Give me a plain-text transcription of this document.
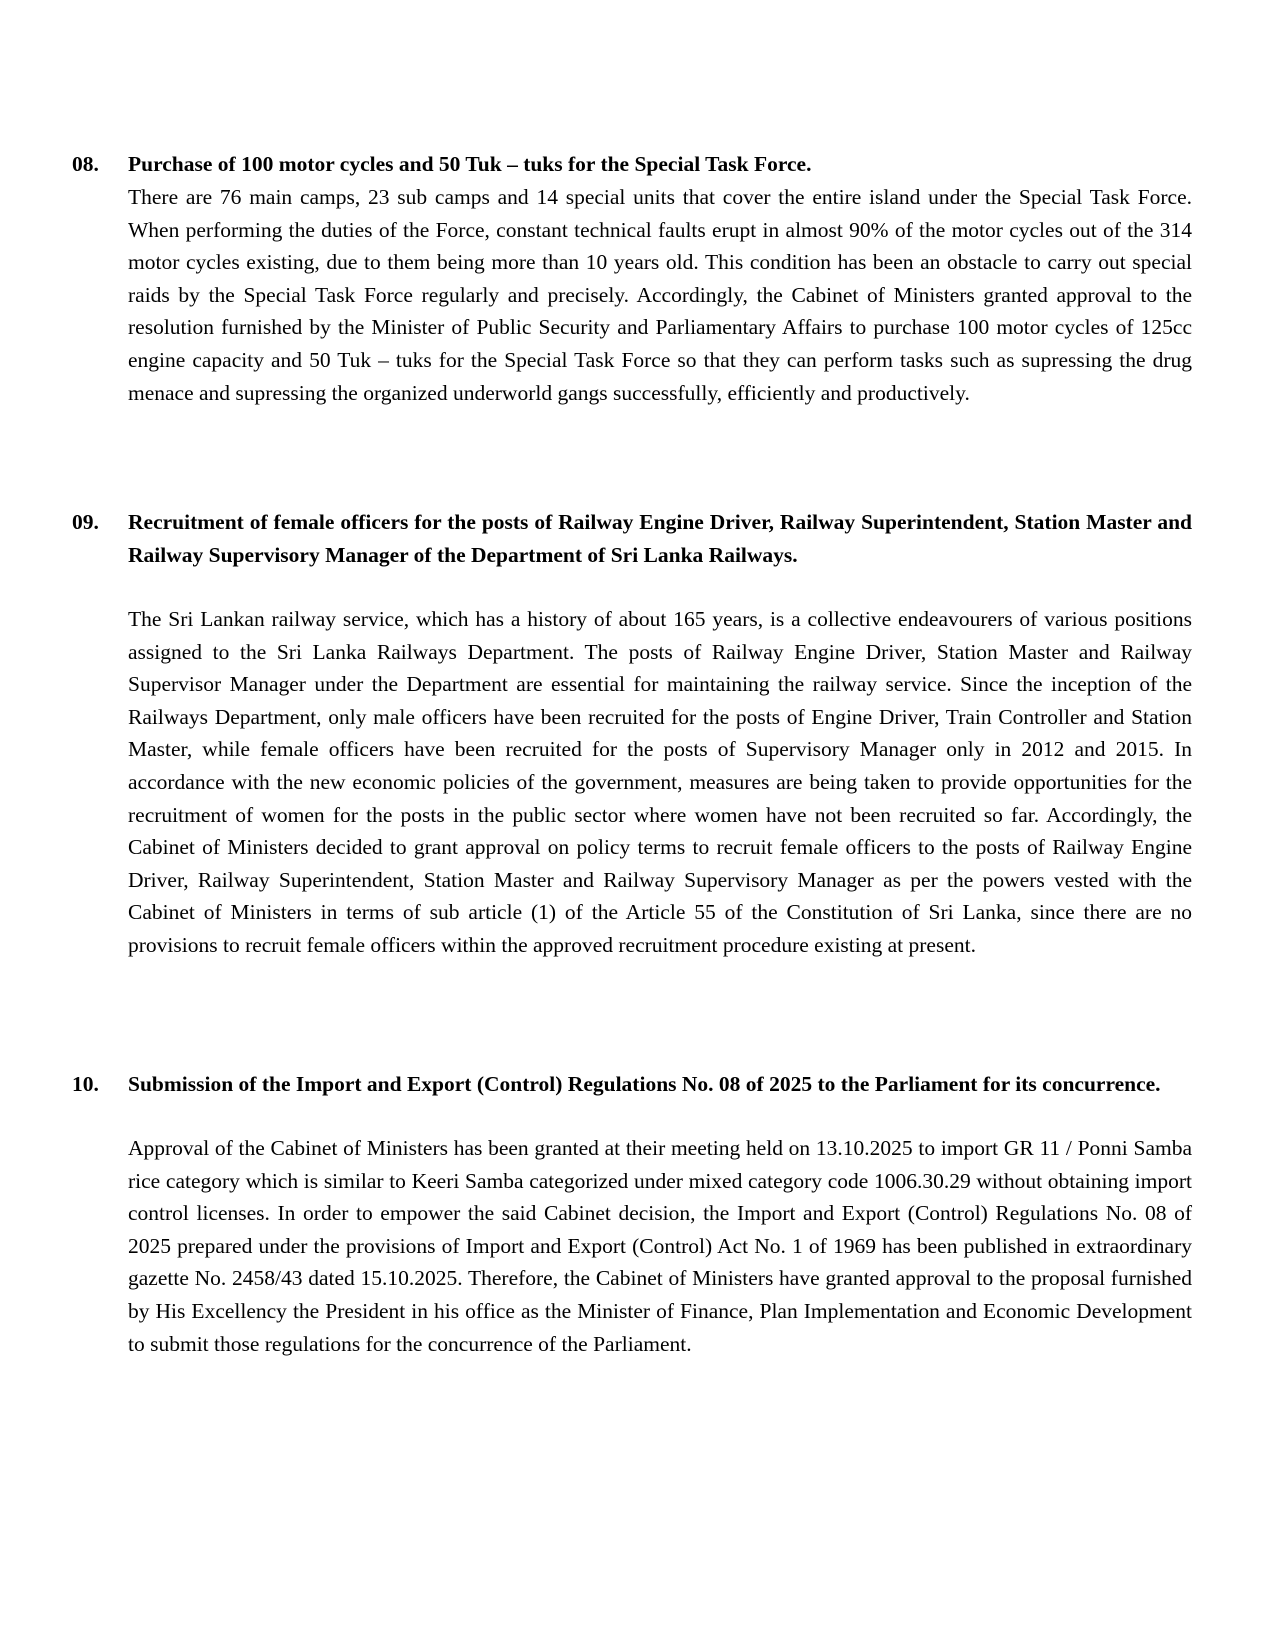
08.	Purchase of 100 motor cycles and 50 Tuk – tuks for the Special Task Force.

There are 76 main camps, 23 sub camps and 14 special units that cover the entire island under the Special Task Force. When performing the duties of the Force, constant technical faults erupt in almost 90% of the motor cycles out of the 314 motor cycles existing, due to them being more than 10 years old. This condition has been an obstacle to carry out special raids by the Special Task Force regularly and precisely. Accordingly, the Cabinet of Ministers granted approval to the resolution furnished by the Minister of Public Security and Parliamentary Affairs to purchase 100 motor cycles of 125cc engine capacity and 50 Tuk – tuks for the Special Task Force so that they can perform tasks such as supressing the drug menace and supressing the organized underworld gangs successfully, efficiently and productively.

09.	Recruitment of female officers for the posts of Railway Engine Driver, Railway Superintendent, Station Master and Railway Supervisory Manager of the Department of Sri Lanka Railways.

The Sri Lankan railway service, which has a history of about 165 years, is a collective endeavourers of various positions assigned to the Sri Lanka Railways Department. The posts of Railway Engine Driver, Station Master and Railway Supervisor Manager under the Department are essential for maintaining the railway service. Since the inception of the Railways Department, only male officers have been recruited for the posts of Engine Driver, Train Controller and Station Master, while female officers have been recruited for the posts of Supervisory Manager only in 2012 and 2015. In accordance with the new economic policies of the government, measures are being taken to provide opportunities for the recruitment of women for the posts in the public sector where women have not been recruited so far. Accordingly, the Cabinet of Ministers decided to grant approval on policy terms to recruit female officers to the posts of Railway Engine Driver, Railway Superintendent, Station Master and Railway Supervisory Manager as per the powers vested with the Cabinet of Ministers in terms of sub article (1) of the Article 55 of the Constitution of Sri Lanka, since there are no provisions to recruit female officers within the approved recruitment procedure existing at present.

10.	Submission of the Import and Export (Control) Regulations No. 08 of 2025 to the Parliament for its concurrence.

Approval of the Cabinet of Ministers has been granted at their meeting held on 13.10.2025 to import GR 11 / Ponni Samba rice category which is similar to Keeri Samba categorized under mixed category code 1006.30.29 without obtaining import control licenses. In order to empower the said Cabinet decision, the Import and Export (Control) Regulations No. 08 of 2025 prepared under the provisions of Import and Export (Control) Act No. 1 of 1969 has been published in extraordinary gazette No. 2458/43 dated 15.10.2025. Therefore, the Cabinet of Ministers have granted approval to the proposal furnished by His Excellency the President in his office as the Minister of Finance, Plan Implementation and Economic Development to submit those regulations for the concurrence of the Parliament.
